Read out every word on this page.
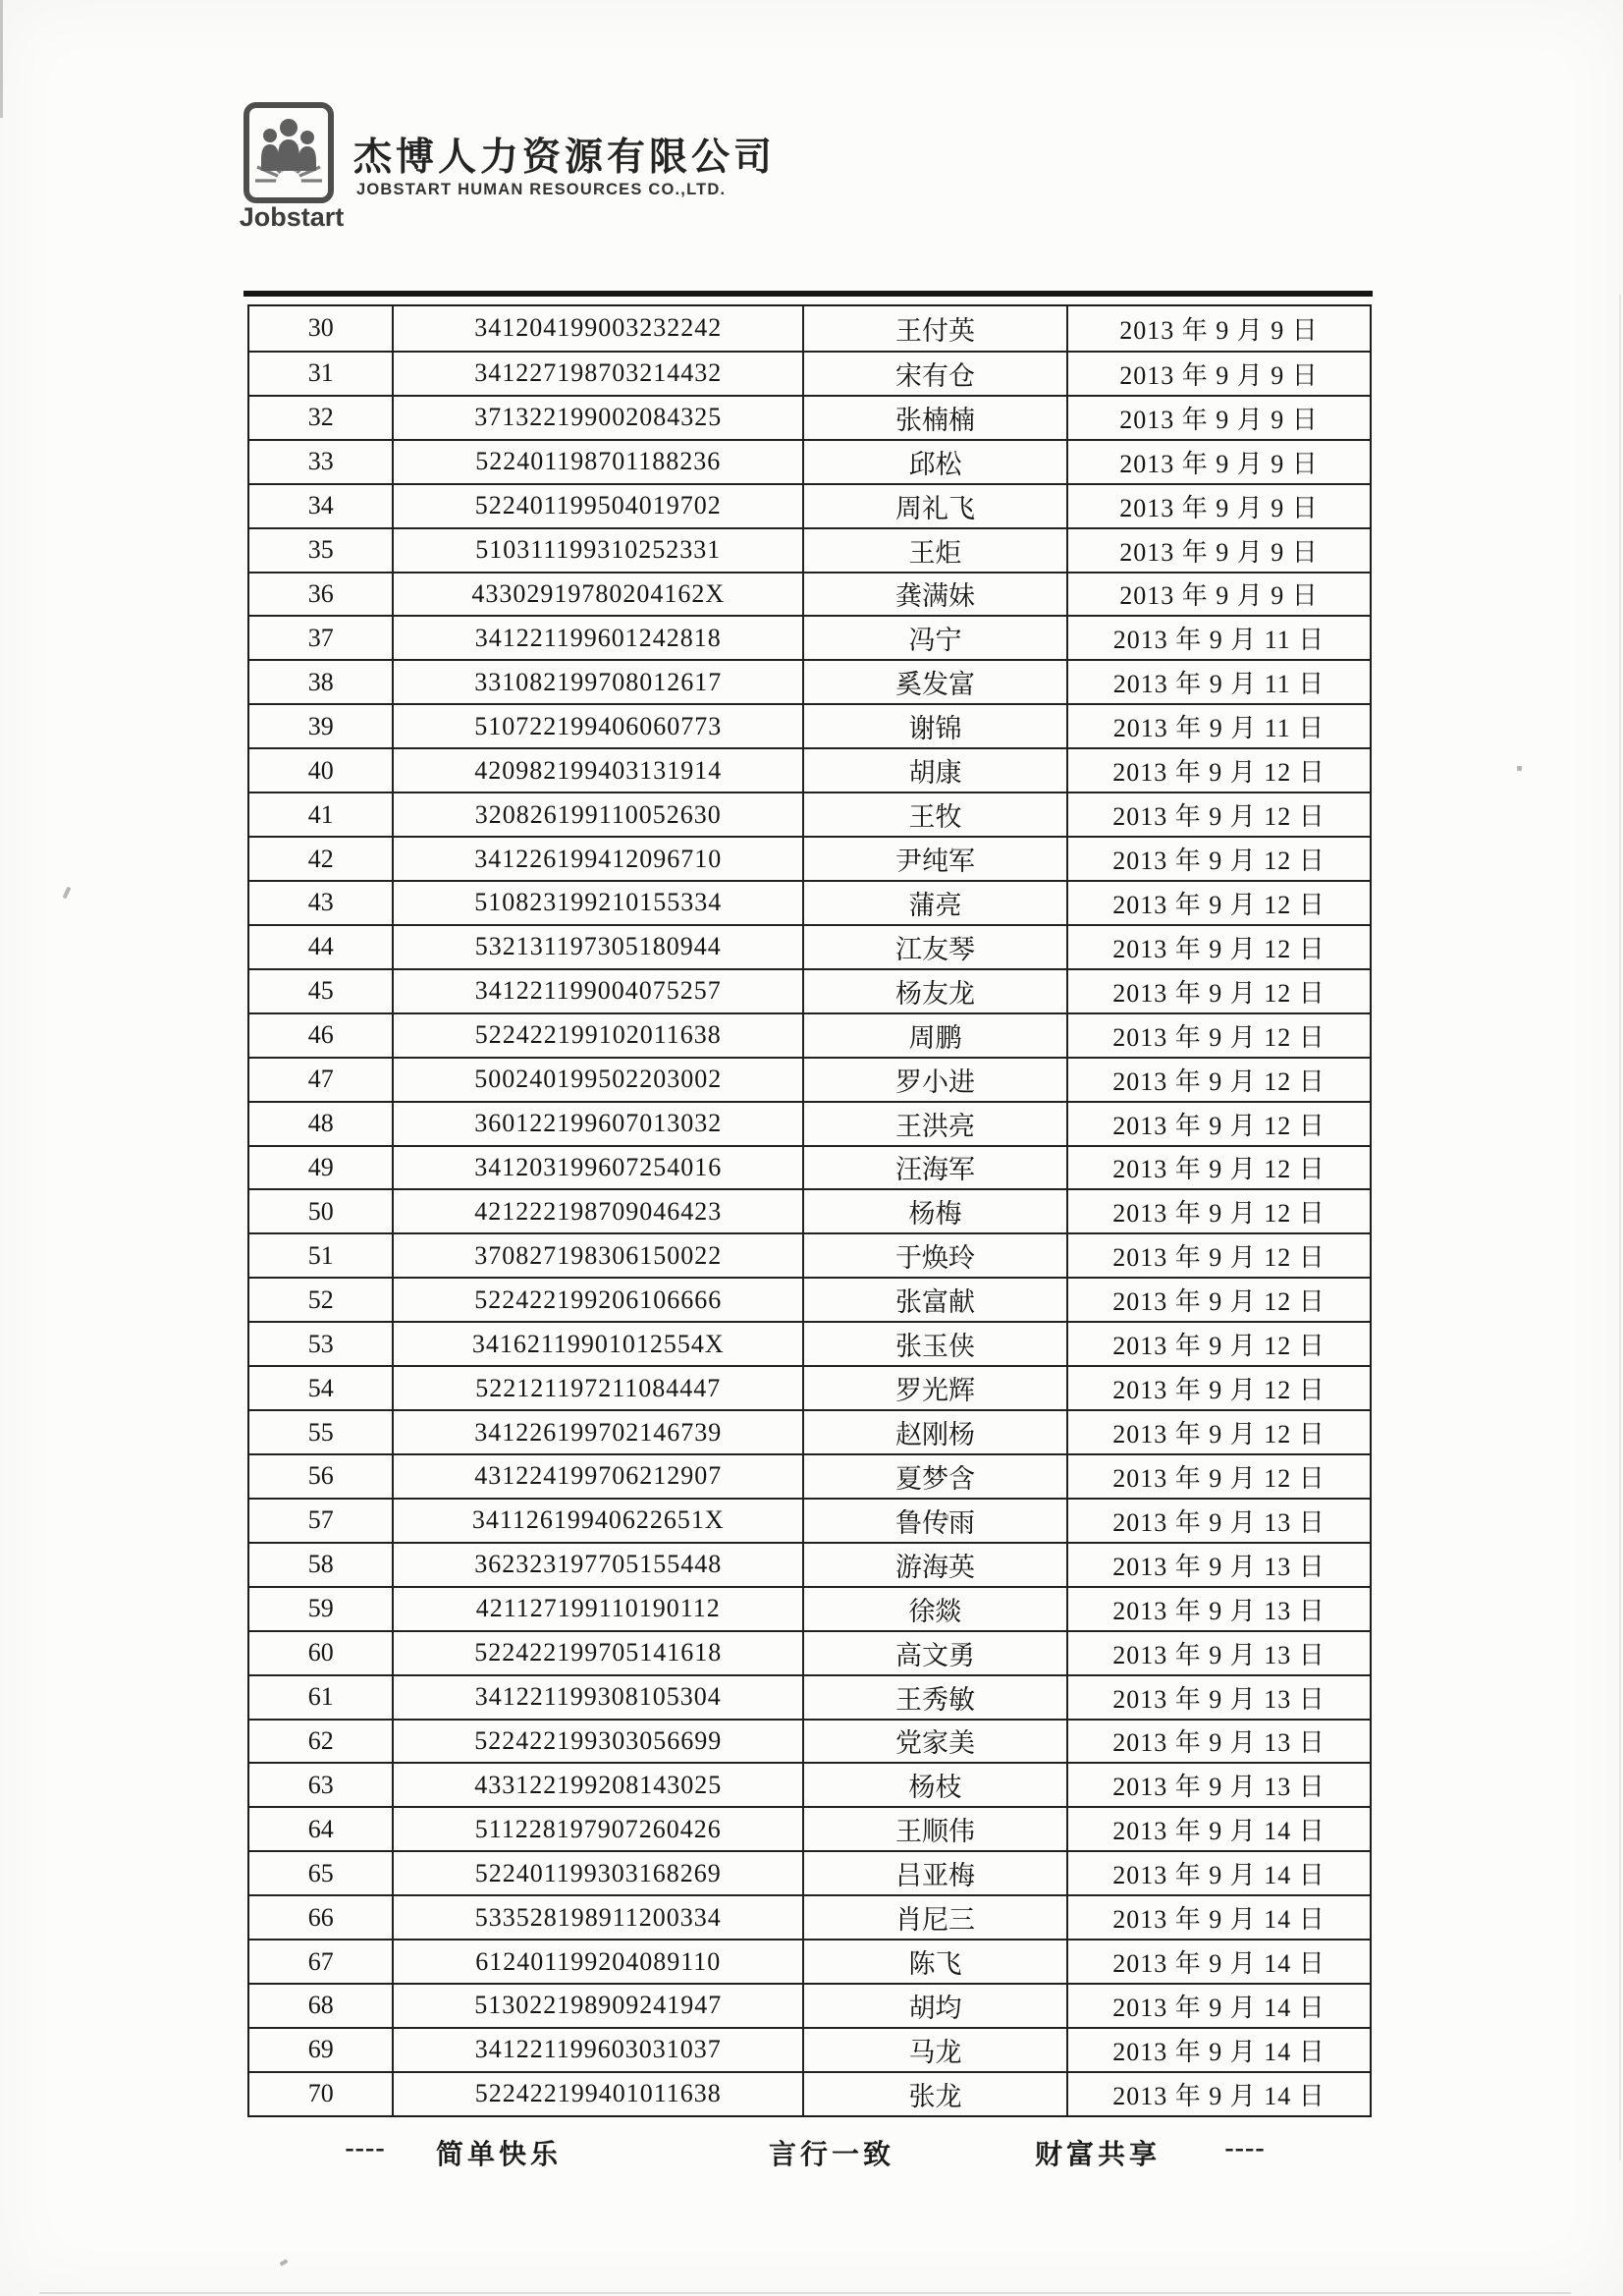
Jobstart
杰博人力资源有限公司
JOBSTART HUMAN RESOURCES CO.,LTD.
30	341204199003232242	王付英	2013 年 9 月 9 日
31	341227198703214432	宋有仓	2013 年 9 月 9 日
32	371322199002084325	张楠楠	2013 年 9 月 9 日
33	522401198701188236	邱松	2013 年 9 月 9 日
34	522401199504019702	周礼飞	2013 年 9 月 9 日
35	510311199310252331	王炬	2013 年 9 月 9 日
36	43302919780204162X	龚满妹	2013 年 9 月 9 日
37	341221199601242818	冯宁	2013 年 9 月 11 日
38	331082199708012617	奚发富	2013 年 9 月 11 日
39	510722199406060773	谢锦	2013 年 9 月 11 日
40	420982199403131914	胡康	2013 年 9 月 12 日
41	320826199110052630	王牧	2013 年 9 月 12 日
42	341226199412096710	尹纯军	2013 年 9 月 12 日
43	510823199210155334	蒲亮	2013 年 9 月 12 日
44	532131197305180944	江友琴	2013 年 9 月 12 日
45	341221199004075257	杨友龙	2013 年 9 月 12 日
46	522422199102011638	周鹏	2013 年 9 月 12 日
47	500240199502203002	罗小进	2013 年 9 月 12 日
48	360122199607013032	王洪亮	2013 年 9 月 12 日
49	341203199607254016	汪海军	2013 年 9 月 12 日
50	421222198709046423	杨梅	2013 年 9 月 12 日
51	370827198306150022	于焕玲	2013 年 9 月 12 日
52	522422199206106666	张富献	2013 年 9 月 12 日
53	34162119901012554X	张玉侠	2013 年 9 月 12 日
54	522121197211084447	罗光辉	2013 年 9 月 12 日
55	341226199702146739	赵刚杨	2013 年 9 月 12 日
56	431224199706212907	夏梦含	2013 年 9 月 12 日
57	34112619940622651X	鲁传雨	2013 年 9 月 13 日
58	362323197705155448	游海英	2013 年 9 月 13 日
59	421127199110190112	徐燚	2013 年 9 月 13 日
60	522422199705141618	高文勇	2013 年 9 月 13 日
61	341221199308105304	王秀敏	2013 年 9 月 13 日
62	522422199303056699	党家美	2013 年 9 月 13 日
63	433122199208143025	杨枝	2013 年 9 月 13 日
64	511228197907260426	王顺伟	2013 年 9 月 14 日
65	522401199303168269	吕亚梅	2013 年 9 月 14 日
66	533528198911200334	肖尼三	2013 年 9 月 14 日
67	612401199204089110	陈飞	2013 年 9 月 14 日
68	513022198909241947	胡均	2013 年 9 月 14 日
69	341221199603031037	马龙	2013 年 9 月 14 日
70	522422199401011638	张龙	2013 年 9 月 14 日
---- 简单快乐	言行一致	财富共享 ----
